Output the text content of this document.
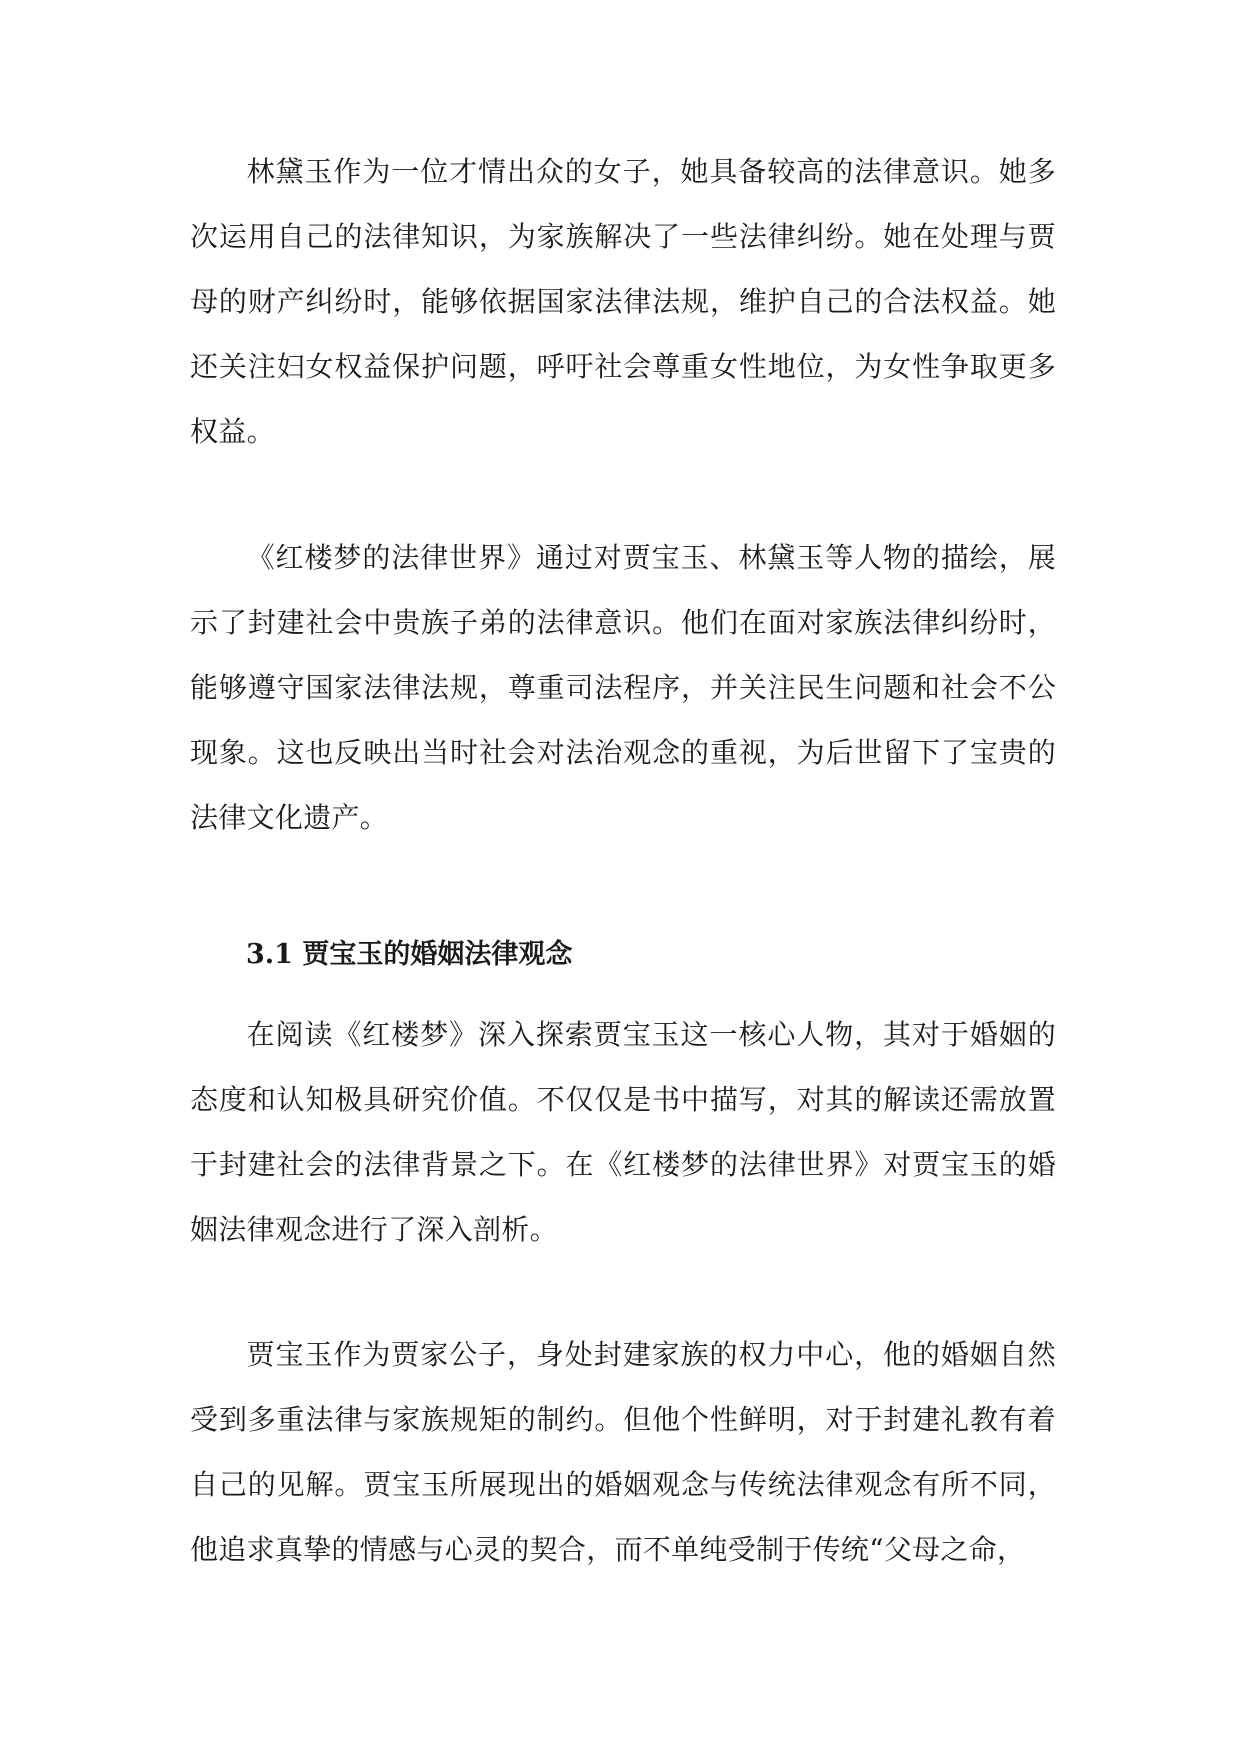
林黛玉作为一位才情出众的女子，她具备较高的法律意识。她多次运用自己的法律知识，为家族解决了一些法律纠纷。她在处理与贾母的财产纠纷时，能够依据国家法律法规，维护自己的合法权益。她还关注妇女权益保护问题，呼吁社会尊重女性地位，为女性争取更多权益。

《红楼梦的法律世界》通过对贾宝玉、林黛玉等人物的描绘，展示了封建社会中贵族子弟的法律意识。他们在面对家族法律纠纷时，能够遵守国家法律法规，尊重司法程序，并关注民生问题和社会不公现象。这也反映出当时社会对法治观念的重视，为后世留下了宝贵的法律文化遗产。

3.1 贾宝玉的婚姻法律观念

在阅读《红楼梦》深入探索贾宝玉这一核心人物，其对于婚姻的态度和认知极具研究价值。不仅仅是书中描写，对其的解读还需放置于封建社会的法律背景之下。在《红楼梦的法律世界》对贾宝玉的婚姻法律观念进行了深入剖析。

贾宝玉作为贾家公子，身处封建家族的权力中心，他的婚姻自然受到多重法律与家族规矩的制约。但他个性鲜明，对于封建礼教有着自己的见解。贾宝玉所展现出的婚姻观念与传统法律观念有所不同，他追求真挚的情感与心灵的契合，而不单纯受制于传统“父母之命，
